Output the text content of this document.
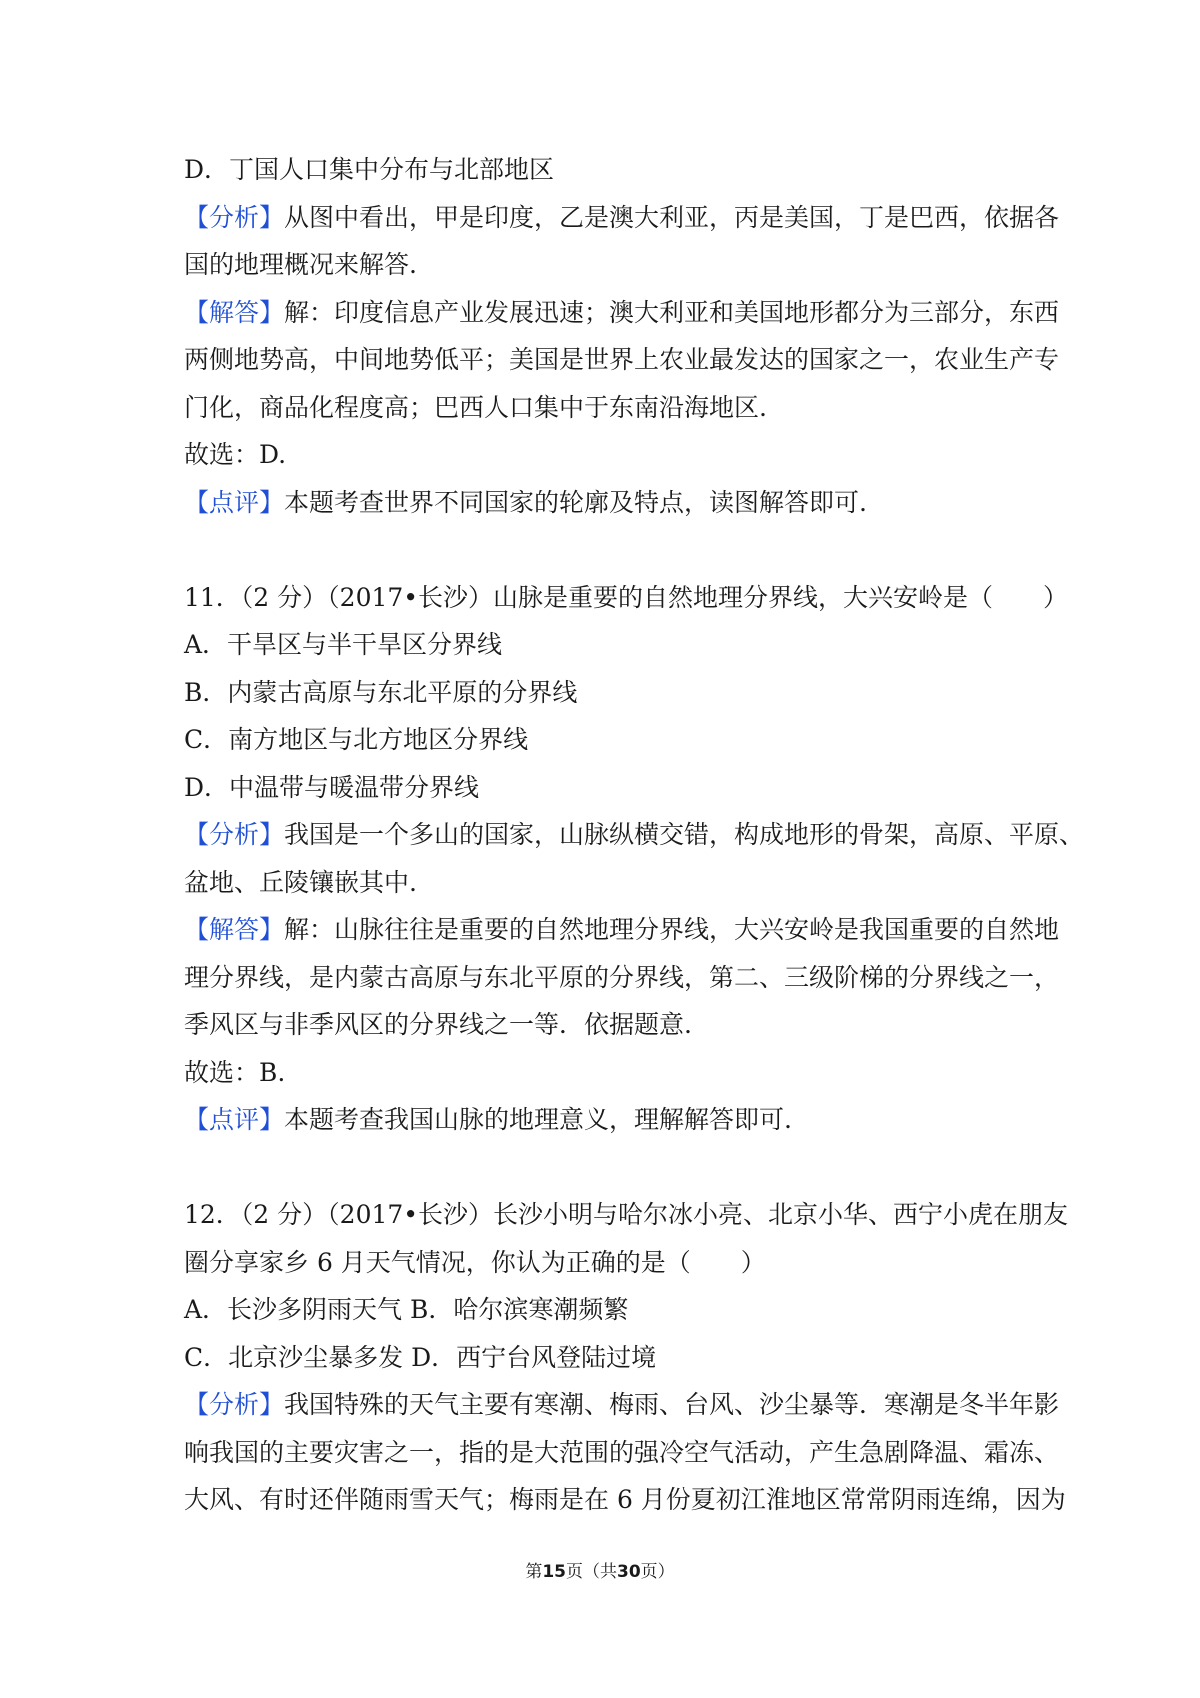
D．丁国人口集中分布与北部地区
【分析】从图中看出，甲是印度，乙是澳大利亚，丙是美国，丁是巴西，依据各
国的地理概况来解答.
【解答】解：印度信息产业发展迅速；澳大利亚和美国地形都分为三部分，东西
两侧地势高，中间地势低平；美国是世界上农业最发达的国家之一，农业生产专
门化，商品化程度高；巴西人口集中于东南沿海地区.
故选：D.
【点评】本题考查世界不同国家的轮廓及特点，读图解答即可.
11．（2 分）（2017•长沙）山脉是重要的自然地理分界线，大兴安岭是（　　）
A．干旱区与半干旱区分界线
B．内蒙古高原与东北平原的分界线
C．南方地区与北方地区分界线
D．中温带与暖温带分界线
【分析】我国是一个多山的国家，山脉纵横交错，构成地形的骨架，高原、平原、
盆地、丘陵镶嵌其中.
【解答】解：山脉往往是重要的自然地理分界线，大兴安岭是我国重要的自然地
理分界线，是内蒙古高原与东北平原的分界线，第二、三级阶梯的分界线之一，
季风区与非季风区的分界线之一等．依据题意.
故选：B.
【点评】本题考查我国山脉的地理意义，理解解答即可.
12．（2 分）（2017•长沙）长沙小明与哈尔冰小亮、北京小华、西宁小虎在朋友
圈分享家乡 6 月天气情况，你认为正确的是（　　）
A．长沙多阴雨天气 B．哈尔滨寒潮频繁
C．北京沙尘暴多发 D．西宁台风登陆过境
【分析】我国特殊的天气主要有寒潮、梅雨、台风、沙尘暴等．寒潮是冬半年影
响我国的主要灾害之一，指的是大范围的强冷空气活动，产生急剧降温、霜冻、
大风、有时还伴随雨雪天气；梅雨是在 6 月份夏初江淮地区常常阴雨连绵，因为
第15页（共30页）
